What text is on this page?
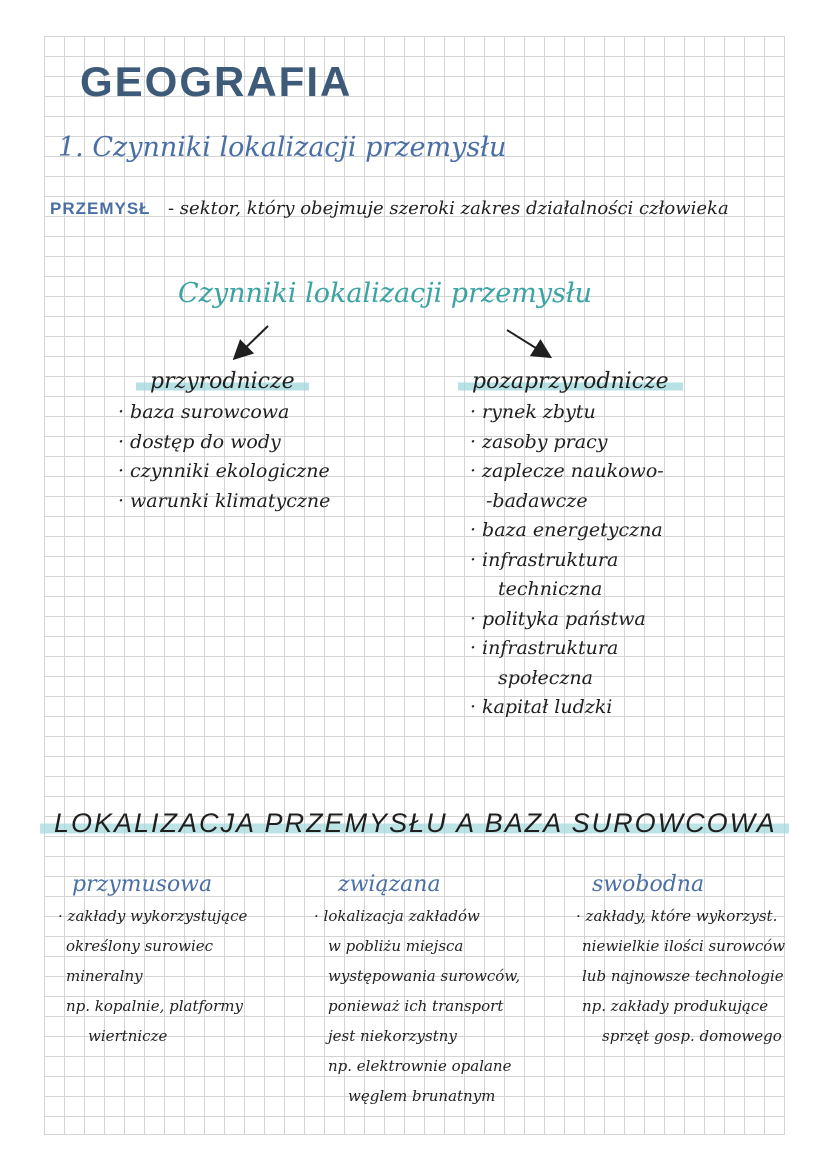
GEOGRAFIA
1. Czynniki lokalizacji przemysłu
PRZEMYSŁ - sektor, który obejmuje szeroki zakres działalności człowieka
Czynniki lokalizacji przemysłu
przyrodnicze	pozaprzyrodnicze
· baza surowcowa
· dostęp do wody
· czynniki ekologiczne
· warunki klimatyczne
· rynek zbytu
· zasoby pracy
· zaplecze naukowo-
-badawcze
· baza energetyczna
· infrastruktura
techniczna
· polityka państwa
· infrastruktura
społeczna
· kapitał ludzki
LOKALIZACJA PRZEMYSŁU A BAZA SUROWCOWA
przymusowa
· zakłady wykorzystujące
określony surowiec
mineralny
np. kopalnie, platformy
wiertnicze
związana
· lokalizacja zakładów
w pobliżu miejsca
występowania surowców,
ponieważ ich transport
jest niekorzystny
np. elektrownie opalane
węglem brunatnym
swobodna
· zakłady, które wykorzyst.
niewielkie ilości surowców
lub najnowsze technologie
np. zakłady produkujące
sprzęt gosp. domowego
